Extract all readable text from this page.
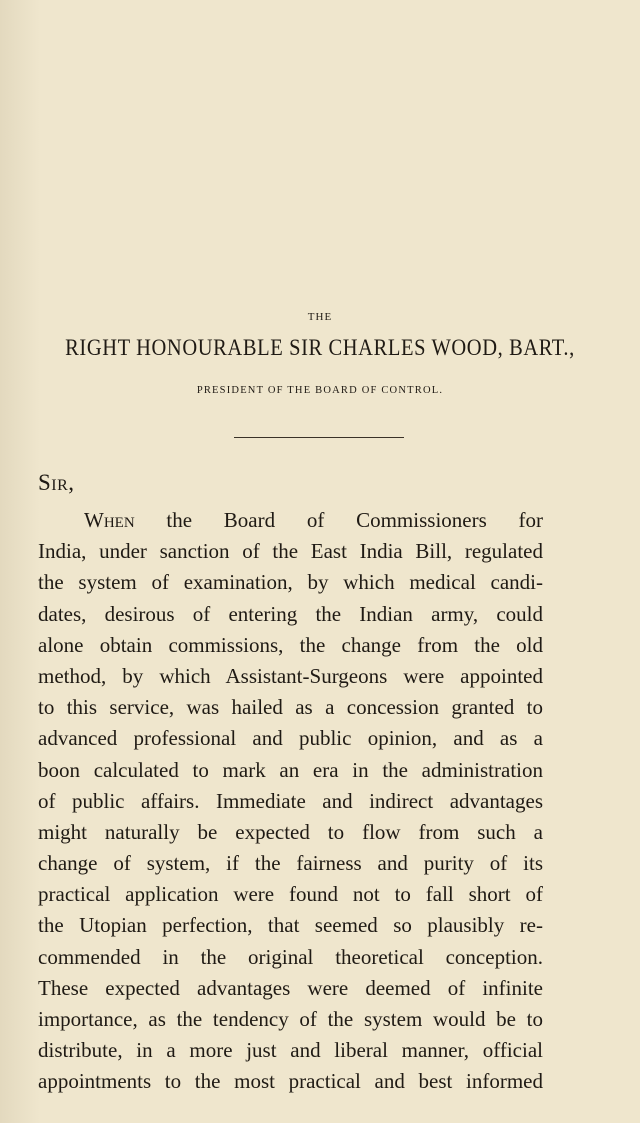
THE
RIGHT HONOURABLE SIR CHARLES WOOD, BART.,
PRESIDENT OF THE BOARD OF CONTROL.
Sir,
When the Board of Commissioners for
India, under sanction of the East India Bill, regulated
the system of examination, by which medical candi-
dates, desirous of entering the Indian army, could
alone obtain commissions, the change from the old
method, by which Assistant-Surgeons were appointed
to this service, was hailed as a concession granted to
advanced professional and public opinion, and as a
boon calculated to mark an era in the administration
of public affairs. Immediate and indirect advantages
might naturally be expected to flow from such a
change of system, if the fairness and purity of its
practical application were found not to fall short of
the Utopian perfection, that seemed so plausibly re-
commended in the original theoretical conception.
These expected advantages were deemed of infinite
importance, as the tendency of the system would be to
distribute, in a more just and liberal manner, official
appointments to the most practical and best informed
